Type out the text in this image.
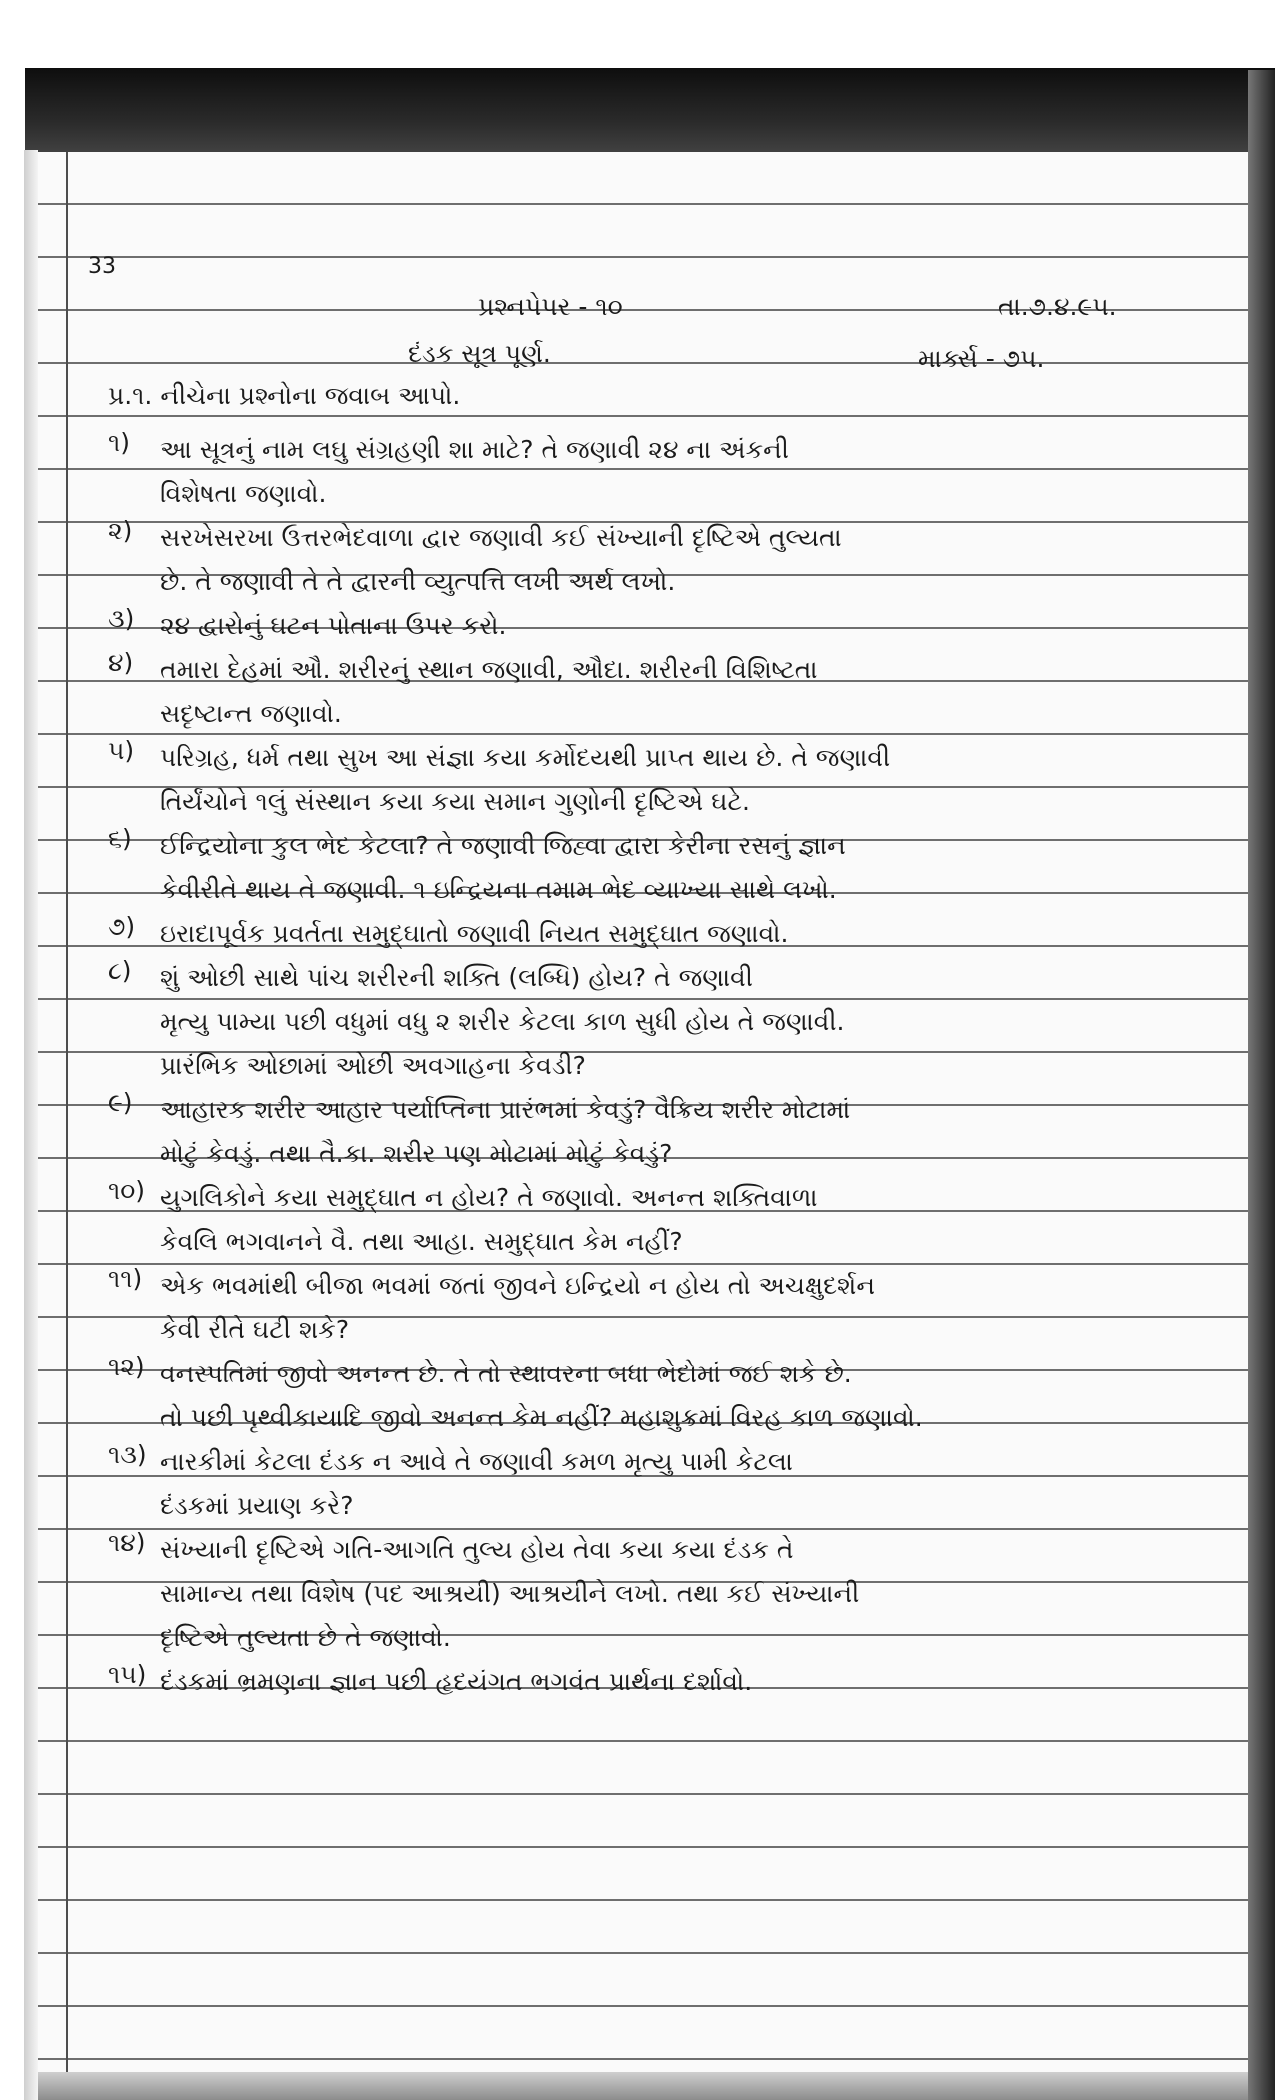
33
પ્રશ્નપેપર - ૧૦	તા.૭.૪.૯૫.
દંડક સૂત્ર પૂર્ણ.	માર્ક્સ - ૭૫.
પ્ર.૧. નીચેના પ્રશ્નોના જવાબ આપો.
૧) આ સૂત્રનું નામ લઘુ સંગ્રહણી શા માટે? તે જણાવી ૨૪ ના અંકની
વિશેષતા જણાવો.
૨) સરખેસરખા ઉત્તરભેદવાળા દ્વાર જણાવી કઈ સંખ્યાની દૃષ્ટિએ તુલ્યતા
છે. તે જણાવી તે તે દ્વારની વ્યુત્પત્તિ લખી અર્થ લખો.
૩) ૨૪ દ્વારોનું ઘટન પોતાના ઉપર કરો.
૪) તમારા દેહમાં ઔ. શરીરનું સ્થાન જણાવી, ઔદા. શરીરની વિશિષ્ટતા
સદૃષ્ટાન્ત જણાવો.
૫) પરિગ્રહ, ધર્મ તથા સુખ આ સંજ્ઞા કયા કર્મોદયથી પ્રાપ્ત થાય છે. તે જણાવી
તિર્યંચોને ૧લું સંસ્થાન કયા કયા સમાન ગુણોની દૃષ્ટિએ ઘટે.
૬) ઈન્દ્રિયોના કુલ ભેદ કેટલા? તે જણાવી જિહ્વા દ્વારા કેરીના રસનું જ્ઞાન
કેવીરીતે થાય તે જણાવી. ૧ ઇન્દ્રિયના તમામ ભેદ વ્યાખ્યા સાથે લખો.
૭) ઇરાદાપૂર્વક પ્રવર્તતા સમુદ્ઘાતો જણાવી નિયત સમુદ્ઘાત જણાવો.
૮) શું ઓછી સાથે પાંચ શરીરની શક્તિ (લબ્ધિ) હોય? તે જણાવી
મૃત્યુ પામ્યા પછી વધુમાં વધુ ૨ શરીર કેટલા કાળ સુધી હોય તે જણાવી.
પ્રારંભિક ઓછામાં ઓછી અવગાહના કેવડી?
૯) આહારક શરીર આહાર પર્યાપ્તિના પ્રારંભમાં કેવડું? વૈક્રિય શરીર મોટામાં
મોટું કેવડું. તથા તૈ.કા. શરીર પણ મોટામાં મોટું કેવડું?
૧૦) યુગલિકોને કયા સમુદ્ઘાત ન હોય? તે જણાવો. અનન્ત શક્તિવાળા
કેવલિ ભગવાનને વૈ. તથા આહા. સમુદ્ઘાત કેમ નહીં?
૧૧) એક ભવમાંથી બીજા ભવમાં જતાં જીવને ઇન્દ્રિયો ન હોય તો અચક્ષુદર્શન
કેવી રીતે ઘટી શકે?
૧૨) વનસ્પતિમાં જીવો અનન્ત છે. તે તો સ્થાવરના બધા ભેદોમાં જઈ શકે છે.
તો પછી પૃથ્વીકાયાદિ જીવો અનન્ત કેમ નહીં? મહાશુક્રમાં વિરહ કાળ જણાવો.
૧૩) નારકીમાં કેટલા દંડક ન આવે તે જણાવી કમળ મૃત્યુ પામી કેટલા
દંડકમાં પ્રયાણ કરે?
૧૪) સંખ્યાની દૃષ્ટિએ ગતિ-આગતિ તુલ્ય હોય તેવા કયા કયા દંડક તે
સામાન્ય તથા વિશેષ (પદ આશ્રયી) આશ્રયીને લખો. તથા કઈ સંખ્યાની
દૃષ્ટિએ તુલ્યતા છે તે જણાવો.
૧૫) દંડકમાં ભ્રમણના જ્ઞાન પછી હૃદયંગત ભગવંત પ્રાર્થના દર્શાવો.
